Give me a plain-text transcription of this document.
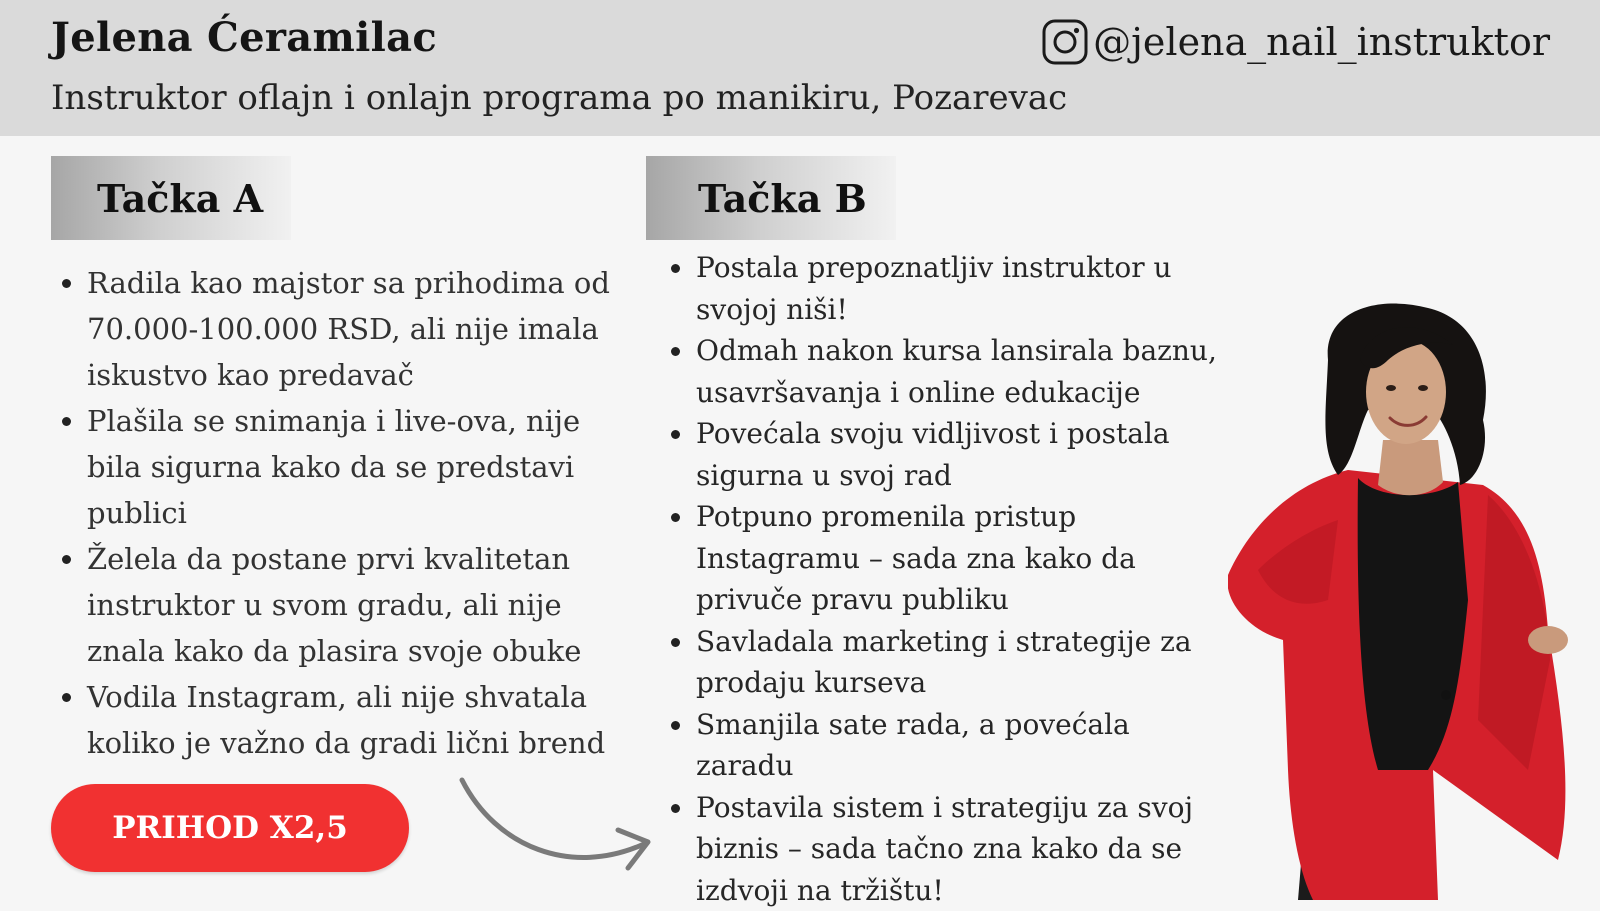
Jelena Ćeramilac

Instruktor oflajn i onlajn programa po manikiru, Pozarevac

@jelena_nail_instruktor
Tačka A
Radila kao majstor sa prihodima od 70.000-100.000 RSD, ali nije imala iskustvo kao predavač
Plašila se snimanja i live-ova, nije bila sigurna kako da se predstavi publici
Želela da postane prvi kvalitetan instruktor u svom gradu, ali nije znala kako da plasira svoje obuke
Vodila Instagram, ali nije shvatala koliko je važno da gradi lični brend
Tačka B
Postala prepoznatljiv instruktor u svojoj niši!
Odmah nakon kursa lansirala baznu, usavršavanja i online edukacije
Povećala svoju vidljivost i postala sigurna u svoj rad
Potpuno promenila pristup Instagramu – sada zna kako da privuče pravu publiku
Savladala marketing i strategije za prodaju kurseva
Smanjila sate rada, a povećala zaradu
Postavila sistem i strategiju za svoj biznis – sada tačno zna kako da se izdvoji na tržištu!
PRIHOD X2,5
